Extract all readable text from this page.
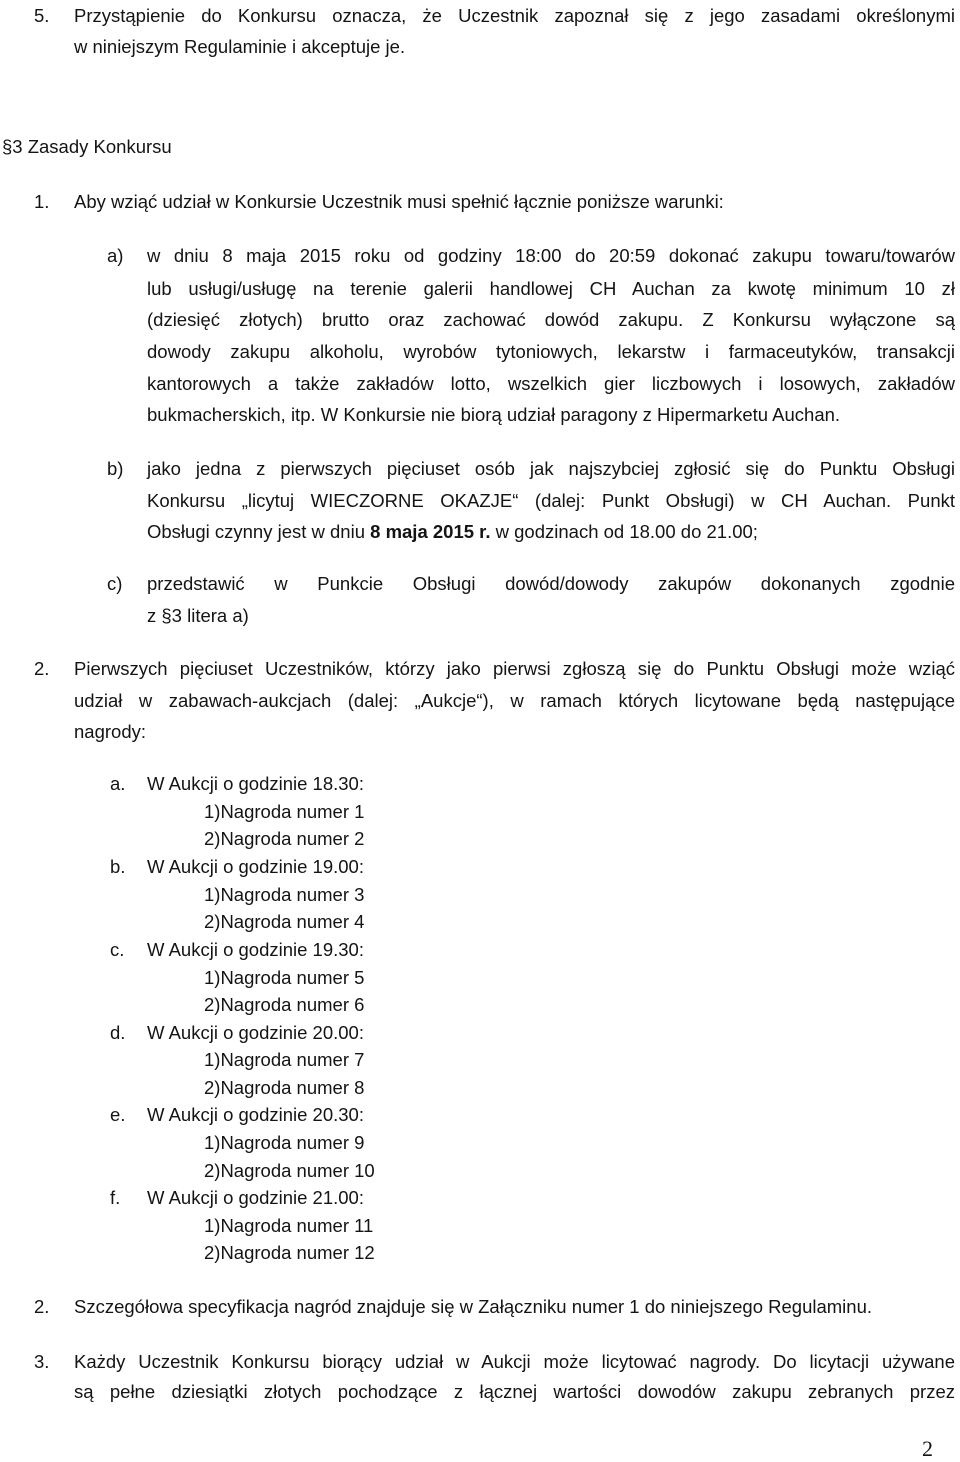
5. Przystąpienie do Konkursu oznacza, że Uczestnik zapoznał się z jego zasadami określonymi
w niniejszym Regulaminie i akceptuje je.
§3 Zasady Konkursu
1. Aby wziąć udział w Konkursie Uczestnik musi spełnić łącznie poniższe warunki:
a) w dniu 8 maja 2015 roku od godziny 18:00 do 20:59 dokonać zakupu towaru/towarów
lub usługi/usługę na terenie galerii handlowej CH Auchan za kwotę minimum 10 zł
(dziesięć złotych) brutto oraz zachować dowód zakupu. Z Konkursu wyłączone są
dowody zakupu alkoholu, wyrobów tytoniowych, lekarstw i farmaceutyków, transakcji
kantorowych a także zakładów lotto, wszelkich gier liczbowych i losowych, zakładów
bukmacherskich, itp. W Konkursie nie biorą udział paragony z Hipermarketu Auchan.
b) jako jedna z pierwszych pięciuset osób jak najszybciej zgłosić się do Punktu Obsługi
Konkursu „licytuj WIECZORNE OKAZJE“ (dalej: Punkt Obsługi) w CH Auchan. Punkt
Obsługi czynny jest w dniu 8 maja 2015 r. w godzinach od 18.00 do 21.00;
c) przedstawić w Punkcie Obsługi dowód/dowody zakupów dokonanych zgodnie
z §3 litera a)
2. Pierwszych pięciuset Uczestników, którzy jako pierwsi zgłoszą się do Punktu Obsługi może wziąć
udział w zabawach-aukcjach (dalej: „Aukcje“), w ramach których licytowane będą następujące
nagrody:
a. W Aukcji o godzinie 18.30:
1)Nagroda numer 1
2)Nagroda numer 2
b. W Aukcji o godzinie 19.00:
1)Nagroda numer 3
2)Nagroda numer 4
c. W Aukcji o godzinie 19.30:
1)Nagroda numer 5
2)Nagroda numer 6
d. W Aukcji o godzinie 20.00:
1)Nagroda numer 7
2)Nagroda numer 8
e. W Aukcji o godzinie 20.30:
1)Nagroda numer 9
2)Nagroda numer 10
f. W Aukcji o godzinie 21.00:
1)Nagroda numer 11
2)Nagroda numer 12
2. Szczegółowa specyfikacja nagród znajduje się w Załączniku numer 1 do niniejszego Regulaminu.
3. Każdy Uczestnik Konkursu biorący udział w Aukcji może licytować nagrody. Do licytacji używane
są pełne dziesiątki złotych pochodzące z łącznej wartości dowodów zakupu zebranych przez
2
